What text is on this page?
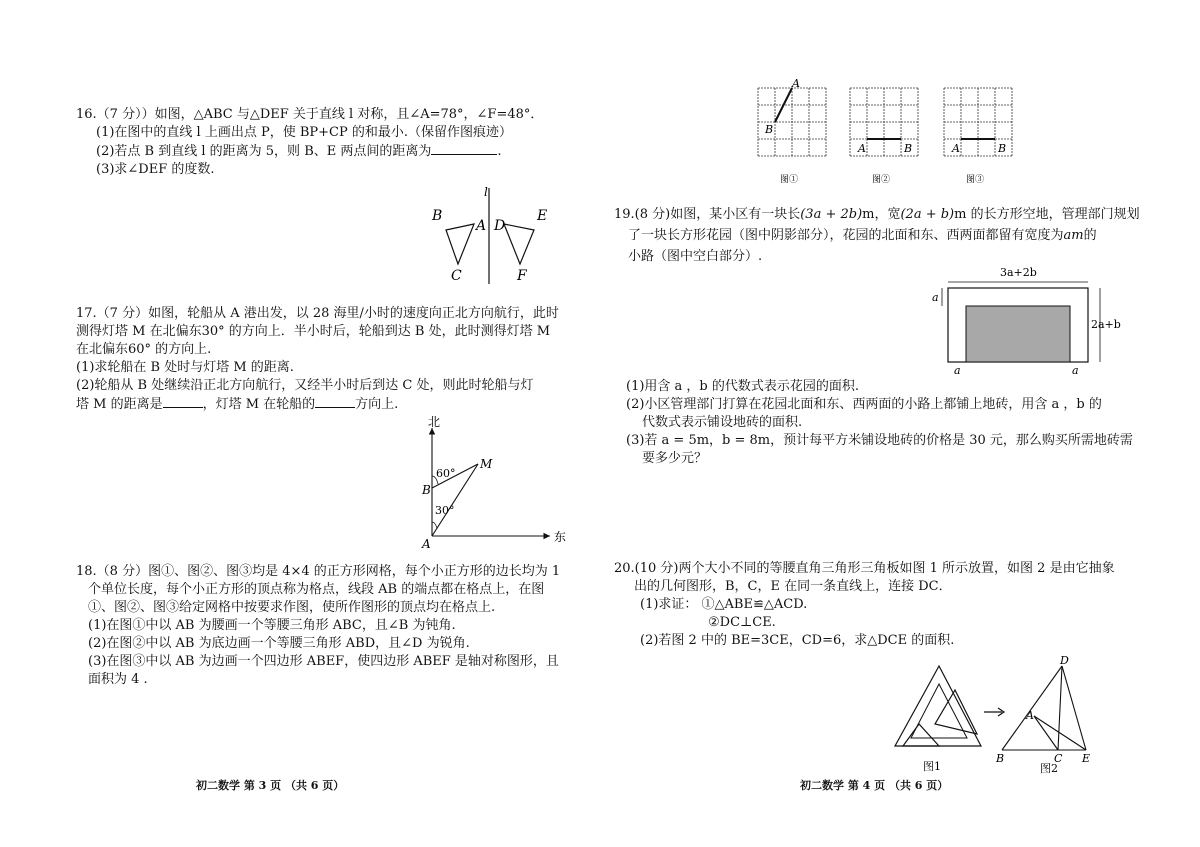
16.（7 分））如图，△ABC 与△DEF 关于直线 l 对称，且∠A=78°，∠F=48°．
(1)在图中的直线 l 上画出点 P，使 BP+CP 的和最小.（保留作图痕迹）
(2)若点 B 到直线 l 的距离为 5，则 B、E 两点间的距离为	.
(3)求∠DEF 的度数.
l
B
A
C
D
E
F
17.（7 分）如图，轮船从 A 港出发，以 28 海里/小时的速度向正北方向航行，此时
测得灯塔 M 在北偏东30° 的方向上．半小时后，轮船到达 B 处，此时测得灯塔 M
在北偏东60° 的方向上.
(1)求轮船在 B 处时与灯塔 M 的距离.
(2)轮船从 B 处继续沿正北方向航行，又经半小时后到达 C 处，则此时轮船与灯
塔 M 的距离是	，灯塔 M 在轮船的	方向上.
北
东
60°
30°
M
B
A
18.（8 分）图①、图②、图③均是 4×4 的正方形网格，每个小正方形的边长均为 1
个单位长度，每个小正方形的顶点称为格点，线段 AB 的端点都在格点上，在图
①、图②、图③给定网格中按要求作图，使所作图形的顶点均在格点上.
(1)在图①中以 AB 为腰画一个等腰三角形 ABC，且∠B 为钝角.
(2)在图②中以 AB 为底边画一个等腰三角形 ABD，且∠D 为锐角.
(3)在图③中以 AB 为边画一个四边形 ABEF，使四边形 ABEF 是轴对称图形，且
面积为 4 .
A
B
图①
A	B
图②
A	B
图③
19.(8 分)如图，某小区有一块长(3a + 2b)m，宽(2a + b)m 的长方形空地，管理部门规划
了一块长方形花园（图中阴影部分），花园的北面和东、西两面都留有宽度为am的
小路（图中空白部分）.
3a+2b
2a+b
a
a	a
(1)用含 a ，b 的代数式表示花园的面积.
(2)小区管理部门打算在花园北面和东、西两面的小路上都铺上地砖，用含 a ，b 的
代数式表示铺设地砖的面积.
(3)若 a = 5m，b = 8m，预计每平方米铺设地砖的价格是 30 元，那么购买所需地砖需
要多少元？
20.(10 分)两个大小不同的等腰直角三角形三角板如图 1 所示放置，如图 2 是由它抽象
出的几何图形，B，C，E 在同一条直线上，连接 DC．
(1)求证： ①△ABE≌△ACD.
②DC⊥CE.
(2)若图 2 中的 BE=3CE，CD=6，求△DCE 的面积.
图1
D
A
B	C E
图2
初二数学 第 3 页 （共 6 页）	初二数学 第 4 页 （共 6 页）
